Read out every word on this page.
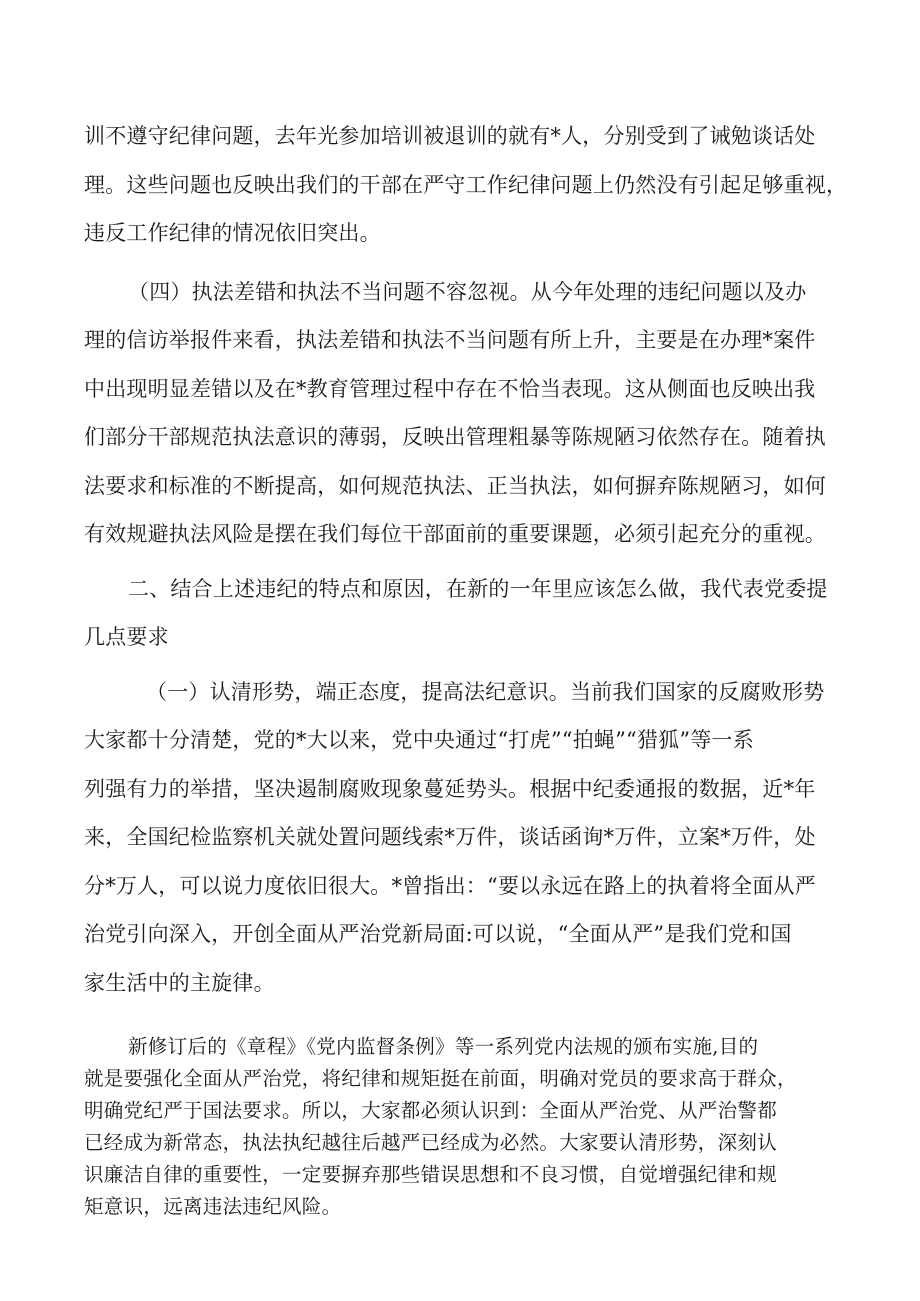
训不遵守纪律问题，去年光参加培训被退训的就有*人，分别受到了诫勉谈话处
理。这些问题也反映出我们的干部在严守工作纪律问题上仍然没有引起足够重视，
违反工作纪律的情况依旧突出。
（四）执法差错和执法不当问题不容忽视。从今年处理的违纪问题以及办
理的信访举报件来看，执法差错和执法不当问题有所上升，主要是在办理*案件
中出现明显差错以及在*教育管理过程中存在不恰当表现。这从侧面也反映出我
们部分干部规范执法意识的薄弱，反映出管理粗暴等陈规陋习依然存在。随着执
法要求和标准的不断提高，如何规范执法、正当执法，如何摒弃陈规陋习，如何
有效规避执法风险是摆在我们每位干部面前的重要课题，必须引起充分的重视。
二、结合上述违纪的特点和原因，在新的一年里应该怎么做，我代表党委提
几点要求
（一）认清形势，端正态度，提高法纪意识。当前我们国家的反腐败形势
大家都十分清楚，党的*大以来，党中央通过“打虎”“拍蝇”“猎狐”等一系
列强有力的举措，坚决遏制腐败现象蔓延势头。根据中纪委通报的数据，近*年
来，全国纪检监察机关就处置问题线索*万件，谈话函询*万件，立案*万件，处
分*万人，可以说力度依旧很大。*曾指出：“要以永远在路上的执着将全面从严
治党引向深入，开创全面从严治党新局面:可以说，“全面从严”是我们党和国
家生活中的主旋律。
新修订后的《章程》《党内监督条例》等一系列党内法规的颁布实施,目的
就是要强化全面从严治党，将纪律和规矩挺在前面，明确对党员的要求高于群众，
明确党纪严于国法要求。所以，大家都必须认识到：全面从严治党、从严治警都
已经成为新常态，执法执纪越往后越严已经成为必然。大家要认清形势，深刻认
识廉洁自律的重要性，一定要摒弃那些错误思想和不良习惯，自觉增强纪律和规
矩意识，远离违法违纪风险。
